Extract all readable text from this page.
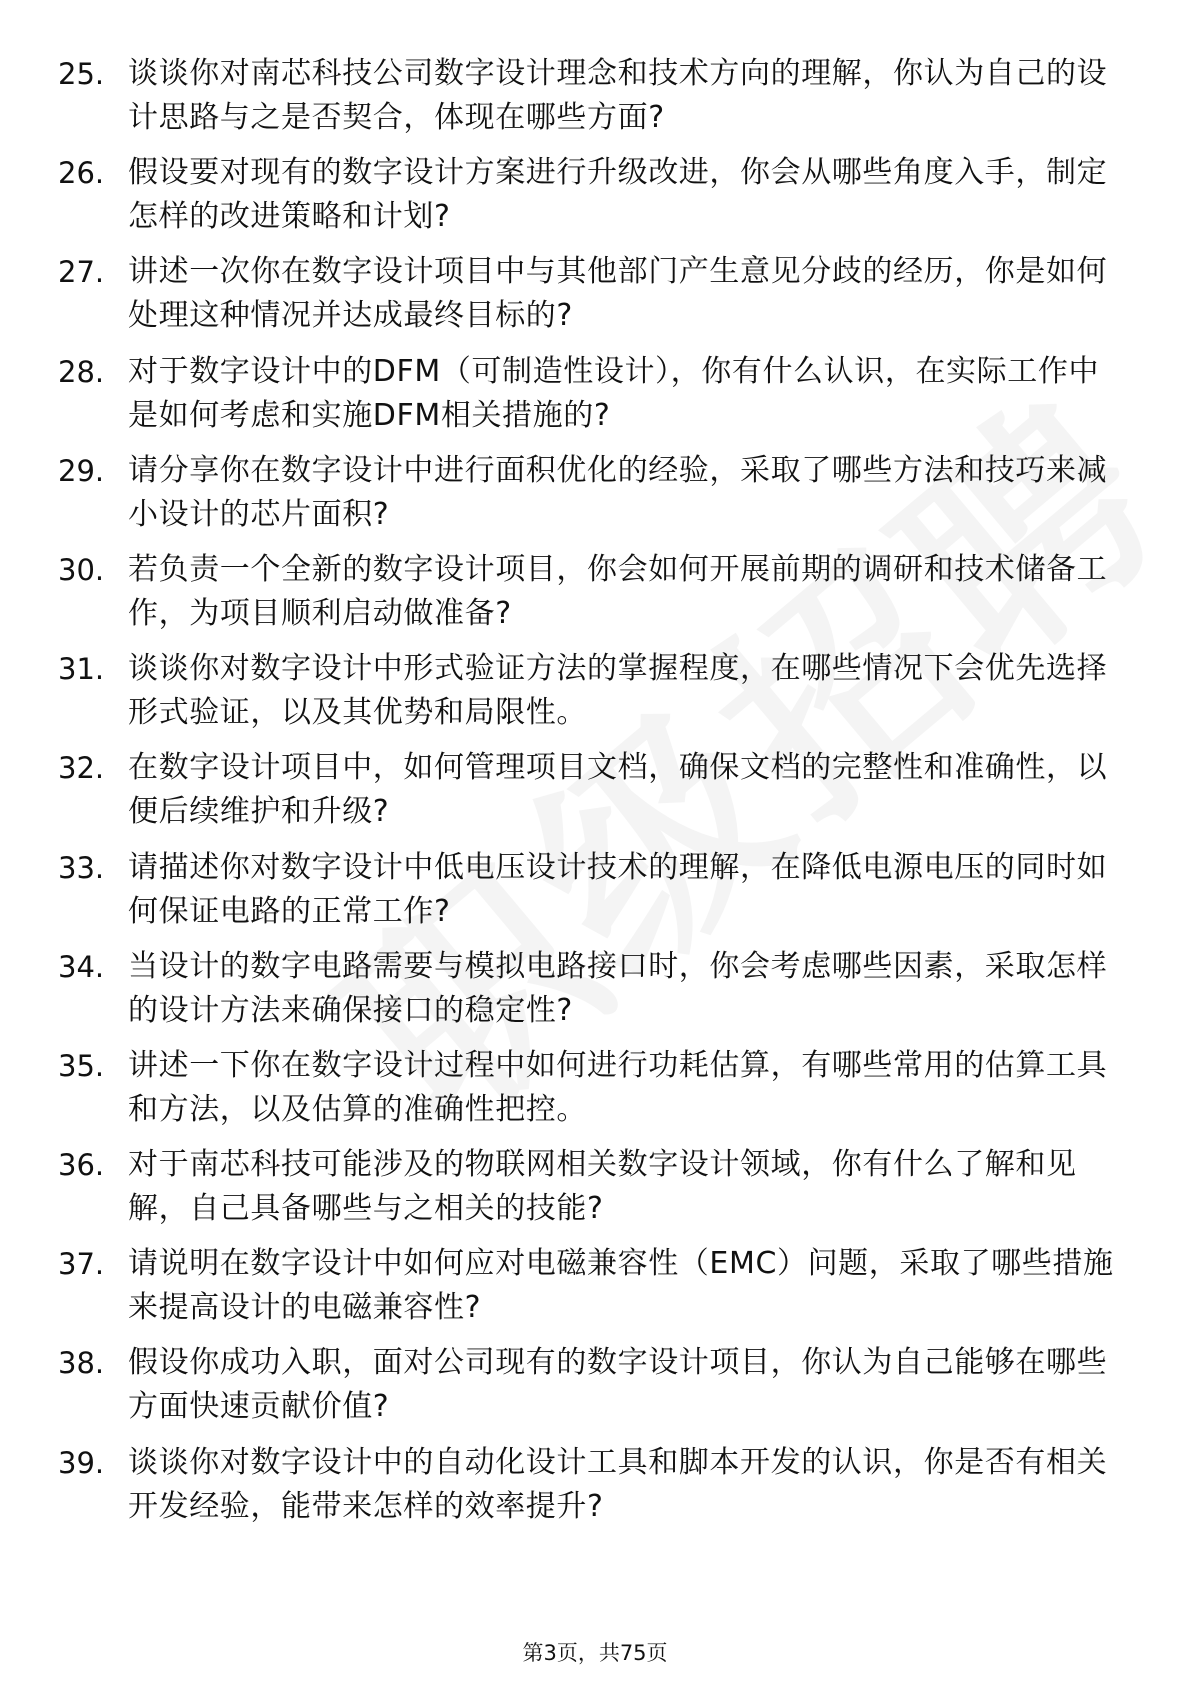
25. 谈谈你对南芯科技公司数字设计理念和技术方向的理解，你认为自己的设计思路与之是否契合，体现在哪些方面?
26. 假设要对现有的数字设计方案进行升级改进，你会从哪些角度入手，制定怎样的改进策略和计划?
27. 讲述一次你在数字设计项目中与其他部门产生意见分歧的经历，你是如何处理这种情况并达成最终目标的?
28. 对于数字设计中的DFM（可制造性设计），你有什么认识，在实际工作中是如何考虑和实施DFM相关措施的?
29. 请分享你在数字设计中进行面积优化的经验，采取了哪些方法和技巧来减小设计的芯片面积?
30. 若负责一个全新的数字设计项目，你会如何开展前期的调研和技术储备工作，为项目顺利启动做准备?
31. 谈谈你对数字设计中形式验证方法的掌握程度，在哪些情况下会优先选择形式验证，以及其优势和局限性。
32. 在数字设计项目中，如何管理项目文档，确保文档的完整性和准确性，以便后续维护和升级?
33. 请描述你对数字设计中低电压设计技术的理解，在降低电源电压的同时如何保证电路的正常工作?
34. 当设计的数字电路需要与模拟电路接口时，你会考虑哪些因素，采取怎样的设计方法来确保接口的稳定性?
35. 讲述一下你在数字设计过程中如何进行功耗估算，有哪些常用的估算工具和方法，以及估算的准确性把控。
36. 对于南芯科技可能涉及的物联网相关数字设计领域，你有什么了解和见解，自己具备哪些与之相关的技能?
37. 请说明在数字设计中如何应对电磁兼容性（EMC）问题，采取了哪些措施来提高设计的电磁兼容性?
38. 假设你成功入职，面对公司现有的数字设计项目，你认为自己能够在哪些方面快速贡献价值?
39. 谈谈你对数字设计中的自动化设计工具和脚本开发的认识，你是否有相关开发经验，能带来怎样的效率提升?
第3页，共75页
